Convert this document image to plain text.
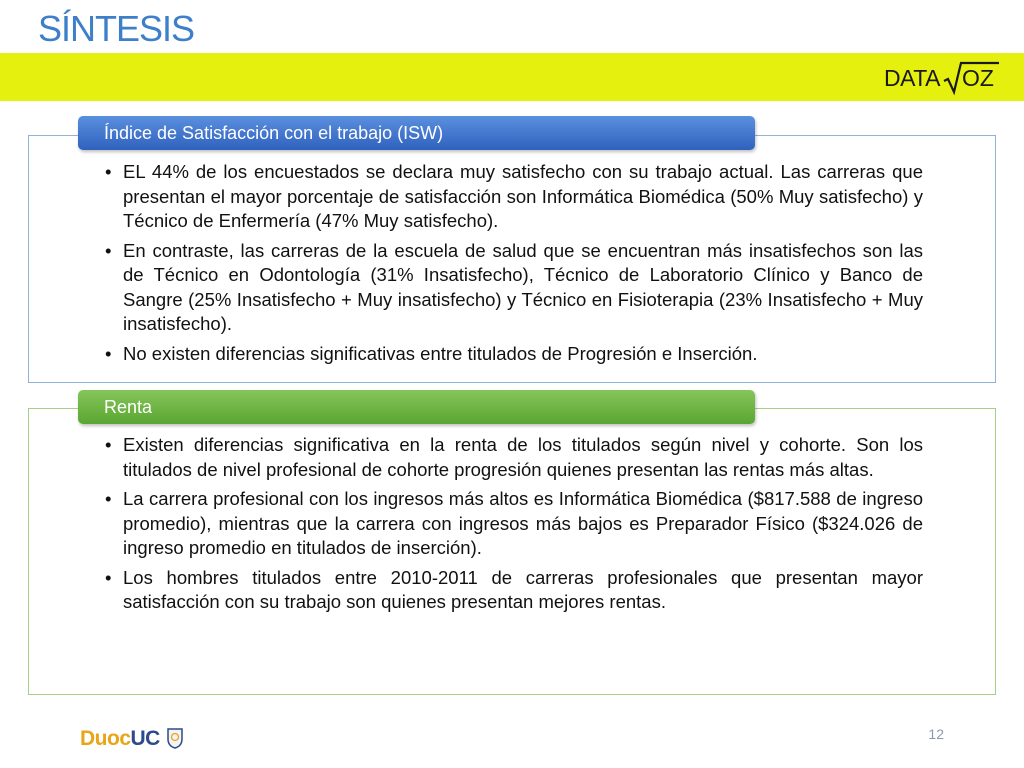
SÍNTESIS
DATA OZ
Índice de Satisfacción con el trabajo (ISW)
• EL 44% de los encuestados se declara muy satisfecho con su trabajo actual. Las carreras que presentan el mayor porcentaje de satisfacción son Informática Biomédica (50% Muy satisfecho) y Técnico de Enfermería (47% Muy satisfecho).
• En contraste, las carreras de la escuela de salud que se encuentran más insatisfechos son las de Técnico en Odontología (31% Insatisfecho), Técnico de Laboratorio Clínico y Banco de Sangre (25% Insatisfecho + Muy insatisfecho) y Técnico en Fisioterapia (23% Insatisfecho + Muy insatisfecho).
• No existen diferencias significativas entre titulados de Progresión e Inserción.
Renta
• Existen diferencias significativa en la renta de los titulados según nivel y cohorte. Son los titulados de nivel profesional de cohorte progresión quienes presentan las rentas más altas.
• La carrera profesional con los ingresos más altos es Informática Biomédica ($817.588 de ingreso promedio), mientras que la carrera con ingresos más bajos es Preparador Físico ($324.026 de ingreso promedio en titulados de inserción).
• Los hombres titulados entre 2010-2011 de carreras profesionales que presentan mayor satisfacción con su trabajo son quienes presentan mejores rentas.
DuocUC	12
